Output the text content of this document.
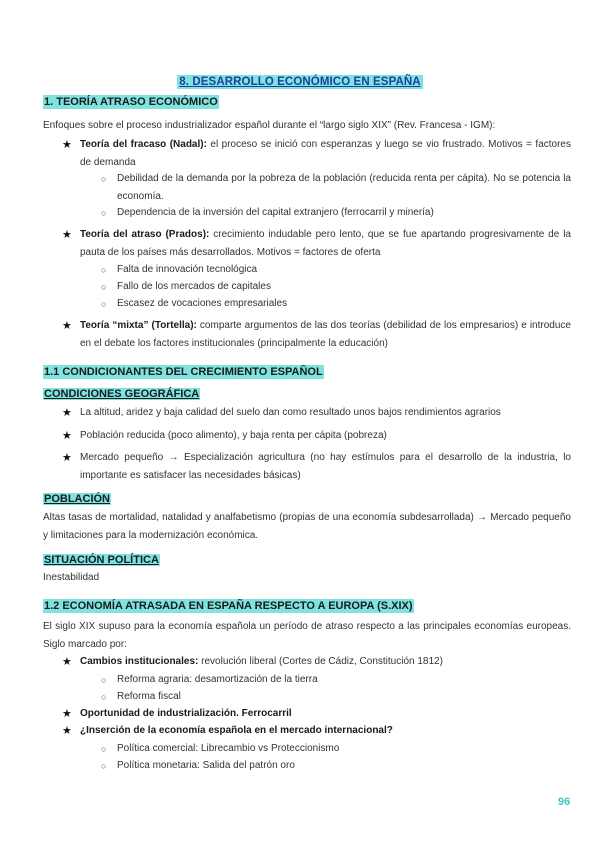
8. DESARROLLO ECONÓMICO EN ESPAÑA
1. TEORÍA ATRASO ECONÓMICO
Enfoques sobre el proceso industrializador español durante el “largo siglo XIX” (Rev. Francesa - IGM):
★ Teoría del fracaso (Nadal): el proceso se inició con esperanzas y luego se vio frustrado. Motivos = factores de demanda
○ Debilidad de la demanda por la pobreza de la población (reducida renta per cápita). No se potencia la economía.
○ Dependencia de la inversión del capital extranjero (ferrocarril y minería)
★ Teoría del atraso (Prados): crecimiento indudable pero lento, que se fue apartando progresivamente de la pauta de los países más desarrollados. Motivos = factores de oferta
○ Falta de innovación tecnológica
○ Fallo de los mercados de capitales
○ Escasez de vocaciones empresariales
★ Teoría “mixta” (Tortella): comparte argumentos de las dos teorías (debilidad de los empresarios) e introduce en el debate los factores institucionales (principalmente la educación)
1.1 CONDICIONANTES DEL CRECIMIENTO ESPAÑOL
CONDICIONES GEOGRÁFICA
★ La altitud, aridez y baja calidad del suelo dan como resultado unos bajos rendimientos agrarios
★ Población reducida (poco alimento), y baja renta per cápita (pobreza)
★ Mercado pequeño → Especialización agricultura (no hay estímulos para el desarrollo de la industria, lo importante es satisfacer las necesidades básicas)
POBLACIÓN
Altas tasas de mortalidad, natalidad y analfabetismo (propias de una economía subdesarrollada) → Mercado pequeño y limitaciones para la modernización económica.
SITUACIÓN POLÍTICA
Inestabilidad
1.2 ECONOMÍA ATRASADA EN ESPAÑA RESPECTO A EUROPA (S.XIX)
El siglo XIX supuso para la economía española un período de atraso respecto a las principales economías europeas. Siglo marcado por:
★ Cambios institucionales: revolución liberal (Cortes de Cádiz, Constitución 1812)
○ Reforma agraria: desamortización de la tierra
○ Reforma fiscal
★ Oportunidad de industrialización. Ferrocarril
★ ¿Inserción de la economía española en el mercado internacional?
○ Política comercial: Librecambio vs Proteccionismo
○ Política monetaria: Salida del patrón oro
96
